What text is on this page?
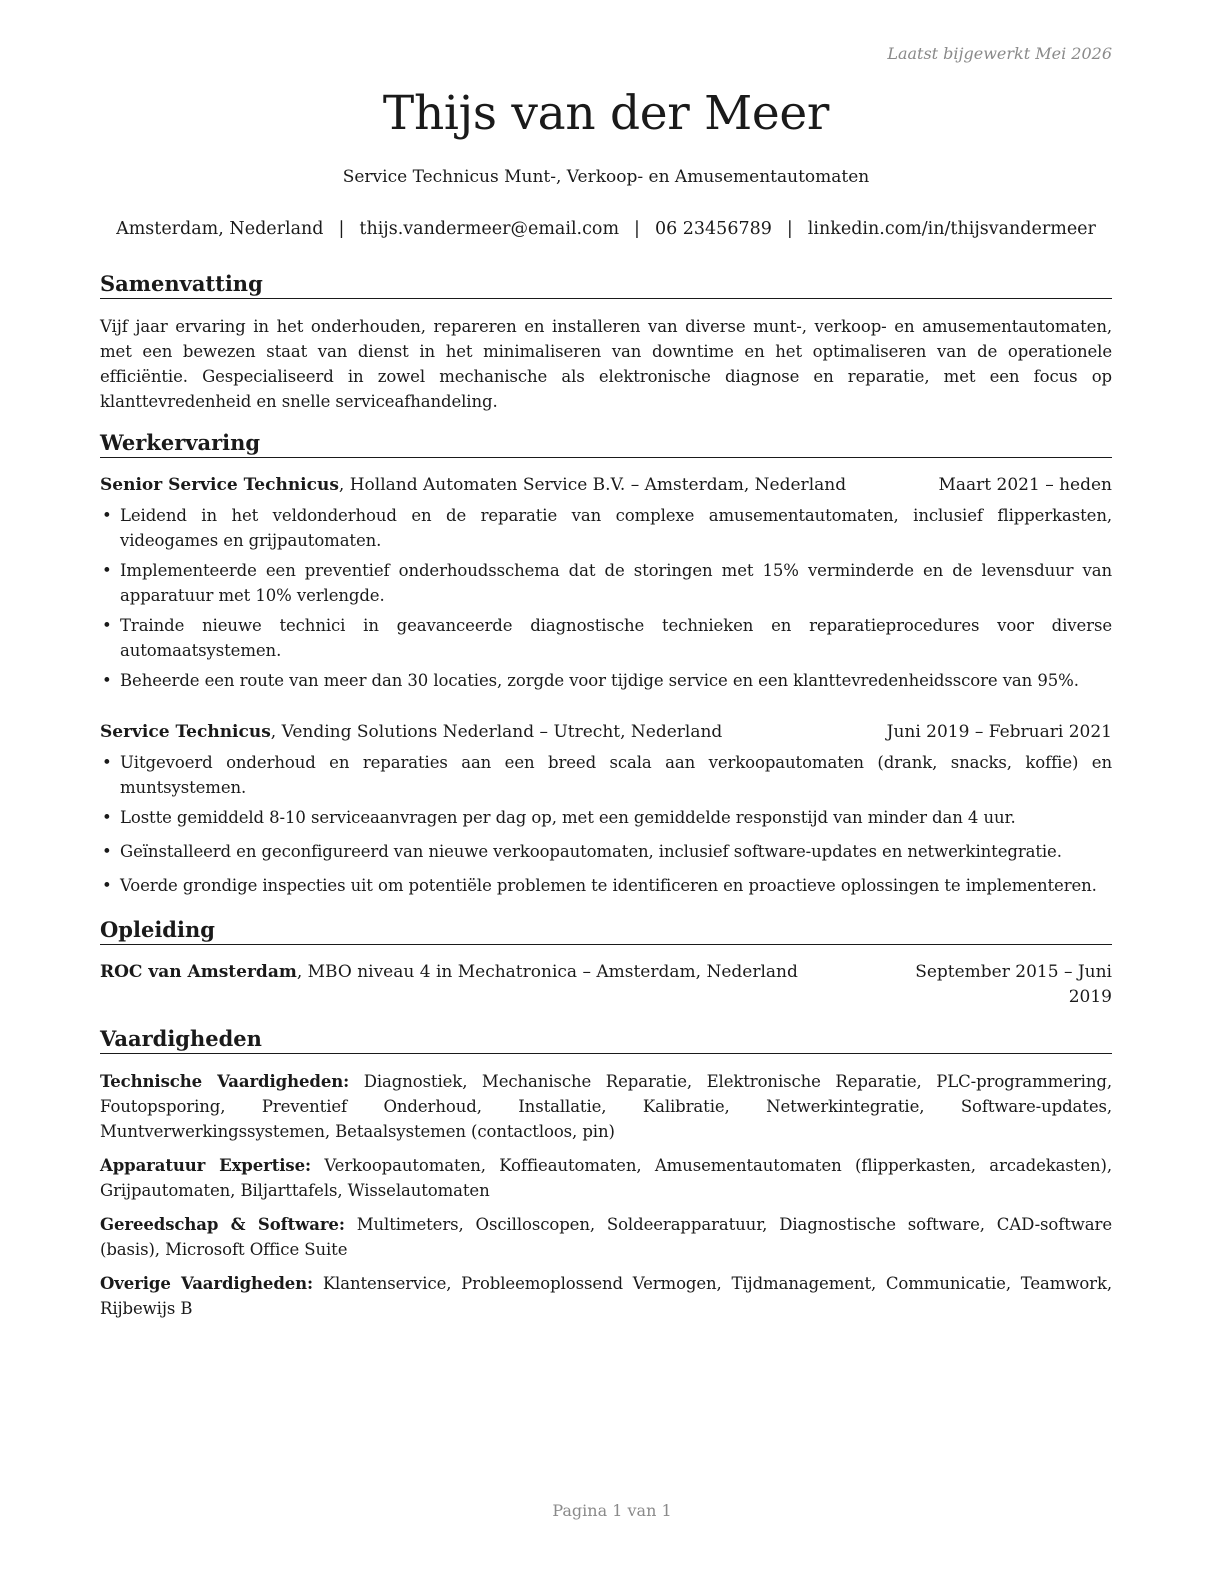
Laatst bijgewerkt Mei 2026
Thijs van der Meer
Service Technicus Munt-, Verkoop- en Amusementautomaten
Amsterdam, Nederland | thijs.vandermeer@email.com | 06 23456789 | linkedin.com/in/thijsvandermeer
Samenvatting

Vijf jaar ervaring in het onderhouden, repareren en installeren van diverse munt-, verkoop- en amusementautomaten, met een bewezen staat van dienst in het minimaliseren van downtime en het optimaliseren van de operationele efficiëntie. Gespecialiseerd in zowel mechanische als elektronische diagnose en reparatie, met een focus op klanttevredenheid en snelle serviceafhandeling.

Werkervaring
Senior Service Technicus, Holland Automaten Service B.V. – Amsterdam, Nederland	Maart 2021 – heden
• Leidend in het veldonderhoud en de reparatie van complexe amusementautomaten, inclusief flipperkasten, videogames en grijpautomaten.
• Implementeerde een preventief onderhoudsschema dat de storingen met 15% verminderde en de levensduur van apparatuur met 10% verlengde.
• Trainde nieuwe technici in geavanceerde diagnostische technieken en reparatieprocedures voor diverse automaatsystemen.
• Beheerde een route van meer dan 30 locaties, zorgde voor tijdige service en een klanttevredenheidsscore van 95%.
Service Technicus, Vending Solutions Nederland – Utrecht, Nederland	Juni 2019 – Februari 2021
• Uitgevoerd onderhoud en reparaties aan een breed scala aan verkoopautomaten (drank, snacks, koffie) en muntsystemen.
• Lostte gemiddeld 8-10 serviceaanvragen per dag op, met een gemiddelde responstijd van minder dan 4 uur.
• Geïnstalleerd en geconfigureerd van nieuwe verkoopautomaten, inclusief software-updates en netwerkintegratie.
• Voerde grondige inspecties uit om potentiële problemen te identificeren en proactieve oplossingen te implementeren.
Opleiding
ROC van Amsterdam, MBO niveau 4 in Mechatronica – Amsterdam, Nederland	September 2015 – Juni 2019
Vaardigheden
Technische Vaardigheden: Diagnostiek, Mechanische Reparatie, Elektronische Reparatie, PLC-programmering, Foutopsporing, Preventief Onderhoud, Installatie, Kalibratie, Netwerkintegratie, Software-updates, Muntverwerkingssystemen, Betaalsystemen (contactloos, pin)
Apparatuur Expertise: Verkoopautomaten, Koffieautomaten, Amusementautomaten (flipperkasten, arcadekasten), Grijpautomaten, Biljarttafels, Wisselautomaten
Gereedschap & Software: Multimeters, Oscilloscopen, Soldeerapparatuur, Diagnostische software, CAD-software (basis), Microsoft Office Suite
Overige Vaardigheden: Klantenservice, Probleemoplossend Vermogen, Tijdmanagement, Communicatie, Teamwork, Rijbewijs B
Pagina 1 van 1
